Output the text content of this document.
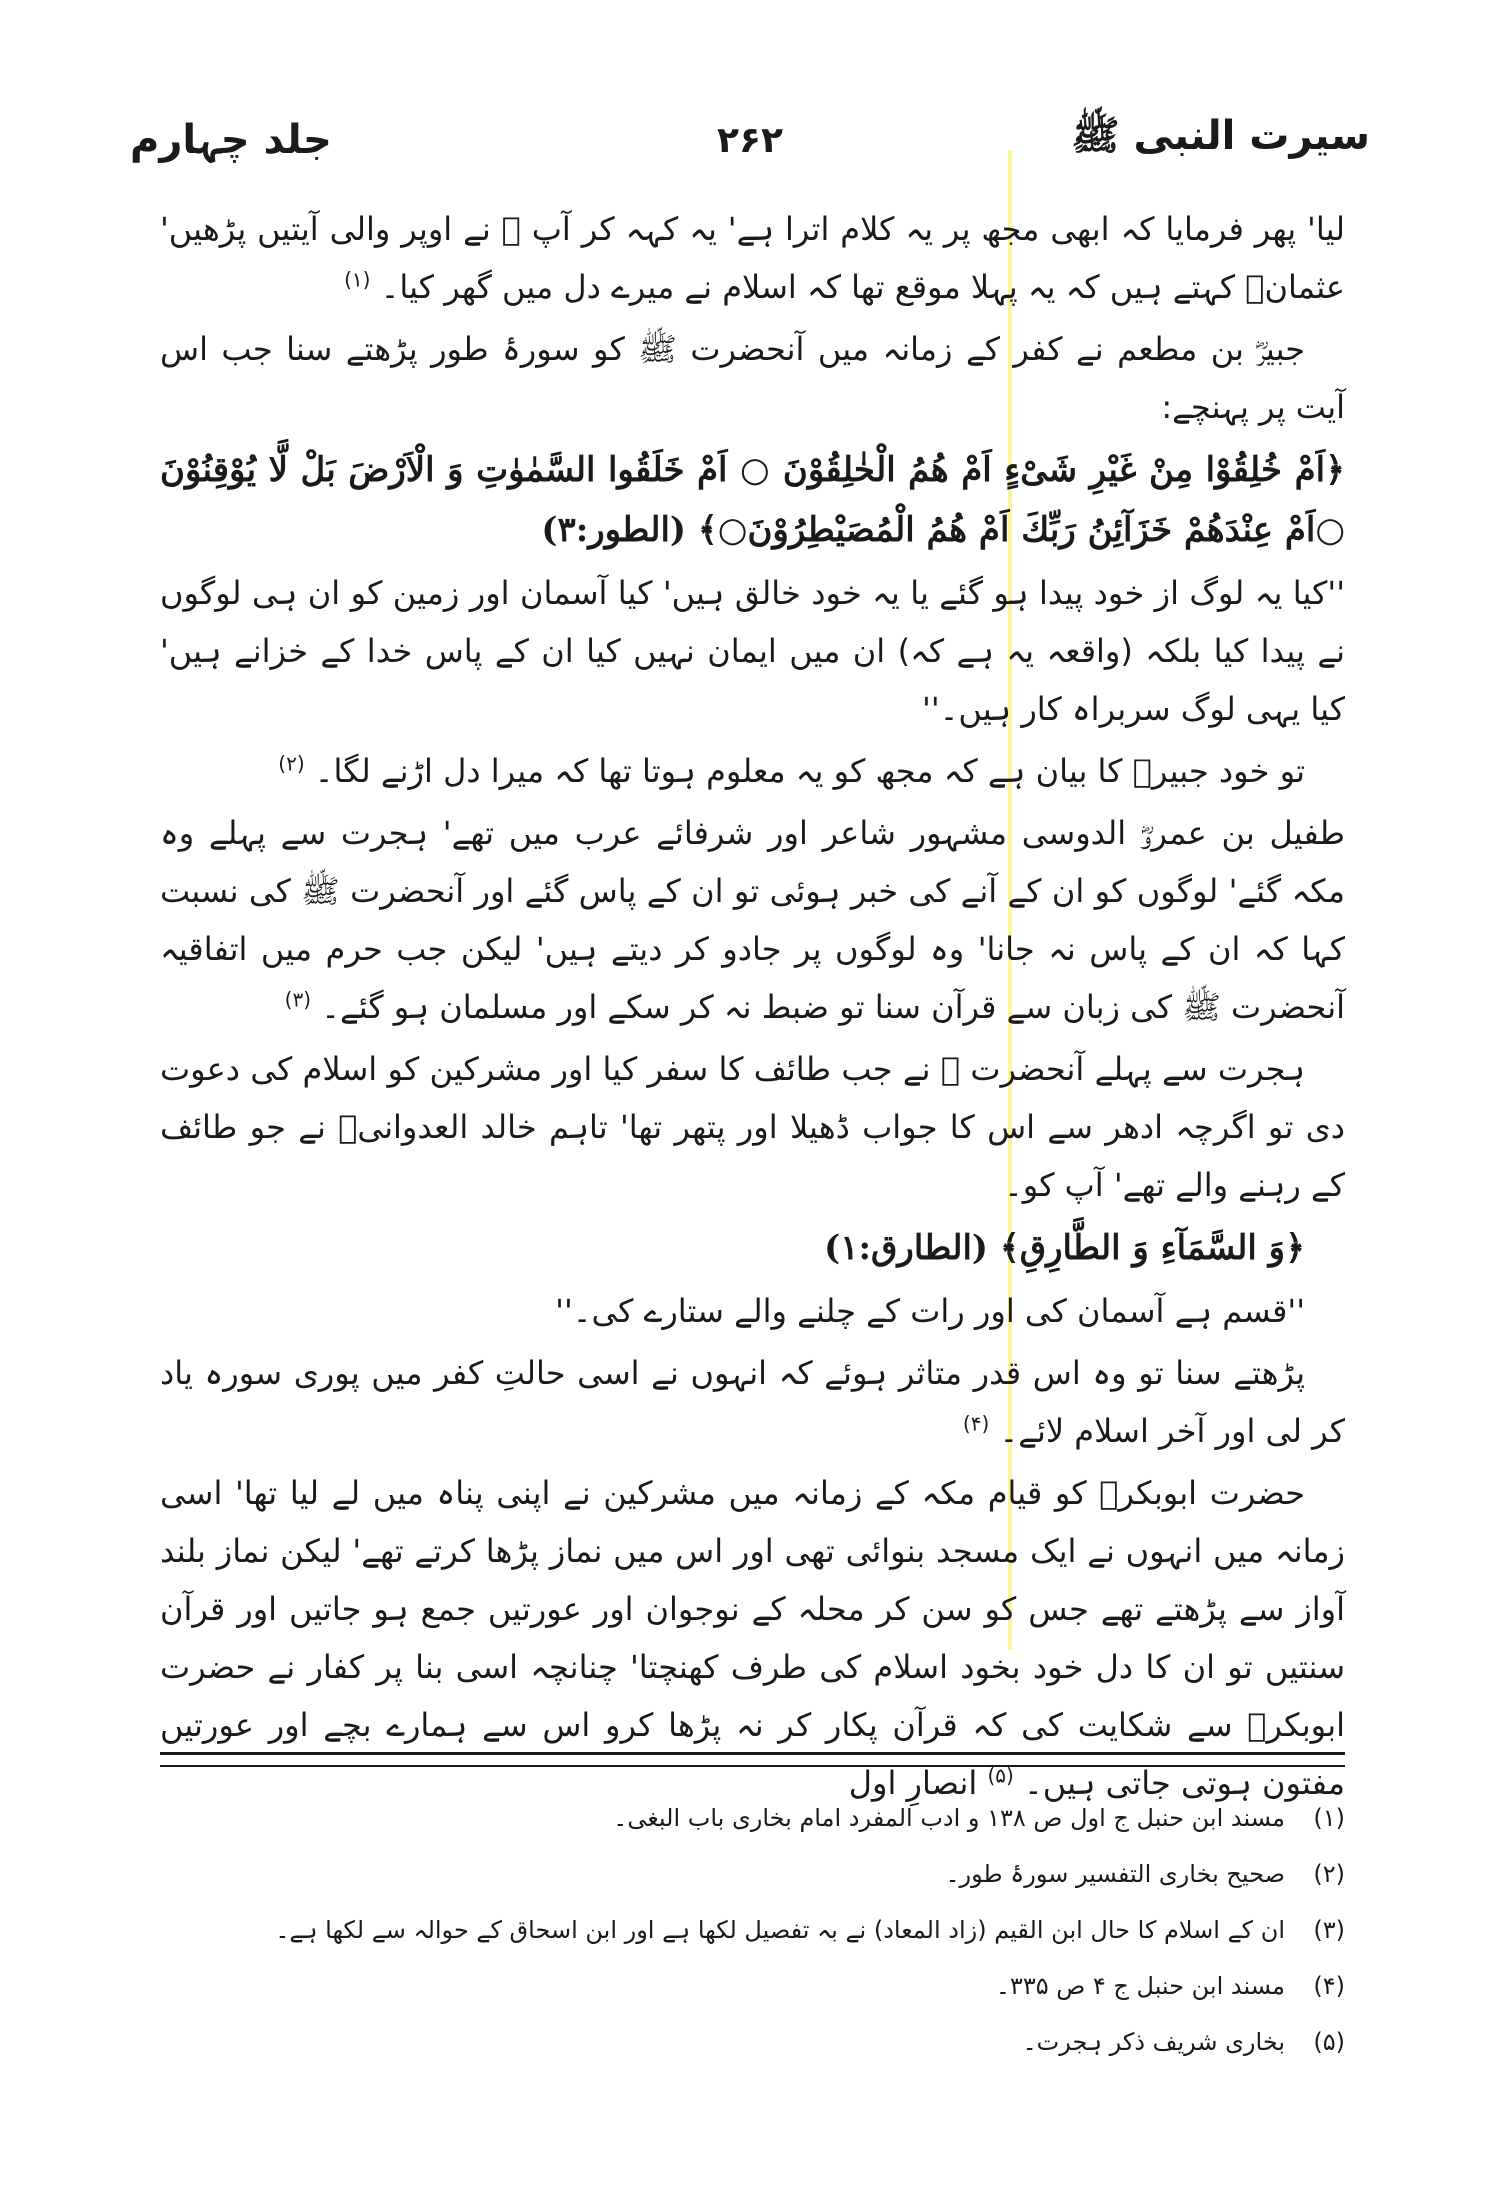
سیرت النبی ﷺ
۲۶۲
جلد چہارم

لیا' پھر فرمایا کہ ابھی مجھ پر یہ کلام اترا ہے' یہ کہہ کر آپ ﷺ نے اوپر والی آیتیں پڑھیں' عثمانؓ کہتے ہیں کہ یہ پہلا موقع تھا کہ اسلام نے میرے دل میں گھر کیا۔ $^{(۱)}$

جبیرؓ بن مطعم نے کفر کے زمانہ میں آنحضرت ﷺ کو سورۂ طور پڑھتے سنا جب اس آیت پر پہنچے:

﴿اَمْ خُلِقُوْا مِنْ غَيْرِ شَیْءٍ اَمْ هُمُ الْخٰلِقُوْنَ ○ اَمْ خَلَقُوا السَّمٰوٰتِ وَ الْاَرْضَ بَلْ لَّا يُوْقِنُوْنَ ○اَمْ عِنْدَهُمْ خَزَآئِنُ رَبِّكَ اَمْ هُمُ الْمُصَيْطِرُوْنَ○﴾ (الطور:۳)

''کیا یہ لوگ از خود پیدا ہو گئے یا یہ خود خالق ہیں' کیا آسمان اور زمین کو ان ہی لوگوں نے پیدا کیا بلکہ (واقعہ یہ ہے کہ) ان میں ایمان نہیں کیا ان کے پاس خدا کے خزانے ہیں' کیا یہی لوگ سربراہ کار ہیں۔''

تو خود جبیرؓ کا بیان ہے کہ مجھ کو یہ معلوم ہوتا تھا کہ میرا دل اڑنے لگا۔ $^{(۲)}$

طفیل بن عمروؓ الدوسی مشہور شاعر اور شرفائے عرب میں تھے' ہجرت سے پہلے وہ مکہ گئے' لوگوں کو ان کے آنے کی خبر ہوئی تو ان کے پاس گئے اور آنحضرت ﷺ کی نسبت کہا کہ ان کے پاس نہ جانا' وہ لوگوں پر جادو کر دیتے ہیں' لیکن جب حرم میں اتفاقیہ آنحضرت ﷺ کی زبان سے قرآن سنا تو ضبط نہ کر سکے اور مسلمان ہو گئے۔ $^{(۳)}$

ہجرت سے پہلے آنحضرت ﷺ نے جب طائف کا سفر کیا اور مشرکین کو اسلام کی دعوت دی تو اگرچہ ادھر سے اس کا جواب ڈھیلا اور پتھر تھا' تاہم خالد العدوانیؓ نے جو طائف کے رہنے والے تھے' آپ کو۔

﴿وَ السَّمَآءِ وَ الطَّارِقِ﴾ (الطارق:۱)

''قسم ہے آسمان کی اور رات کے چلنے والے ستارے کی۔''

پڑھتے سنا تو وہ اس قدر متاثر ہوئے کہ انہوں نے اسی حالتِ کفر میں پوری سورہ یاد کر لی اور آخر اسلام لائے۔ $^{(۴)}$

حضرت ابوبکرؓ کو قیام مکہ کے زمانہ میں مشرکین نے اپنی پناہ میں لے لیا تھا' اسی زمانہ میں انہوں نے ایک مسجد بنوائی تھی اور اس میں نماز پڑھا کرتے تھے' لیکن نماز بلند آواز سے پڑھتے تھے جس کو سن کر محلہ کے نوجوان اور عورتیں جمع ہو جاتیں اور قرآن سنتیں تو ان کا دل خود بخود اسلام کی طرف کھنچتا' چنانچہ اسی بنا پر کفار نے حضرت ابوبکرؓ سے شکایت کی کہ قرآن پکار کر نہ پڑھا کرو اس سے ہمارے بچے اور عورتیں مفتون ہوتی جاتی ہیں۔ $^{(۵)}$ انصارِ اول

(۱)
مسند ابن حنبل ج اول ص ۱۳۸ و ادب المفرد امام بخاری باب البغی۔
(۲)
صحیح بخاری التفسیر سورۂ طور۔
(۳)
ان کے اسلام کا حال ابن القیم (زاد المعاد) نے بہ تفصیل لکھا ہے اور ابن اسحاق کے حوالہ سے لکھا ہے۔
(۴)
مسند ابن حنبل ج ۴ ص ۳۳۵۔
(۵)
بخاری شریف ذکر ہجرت۔
